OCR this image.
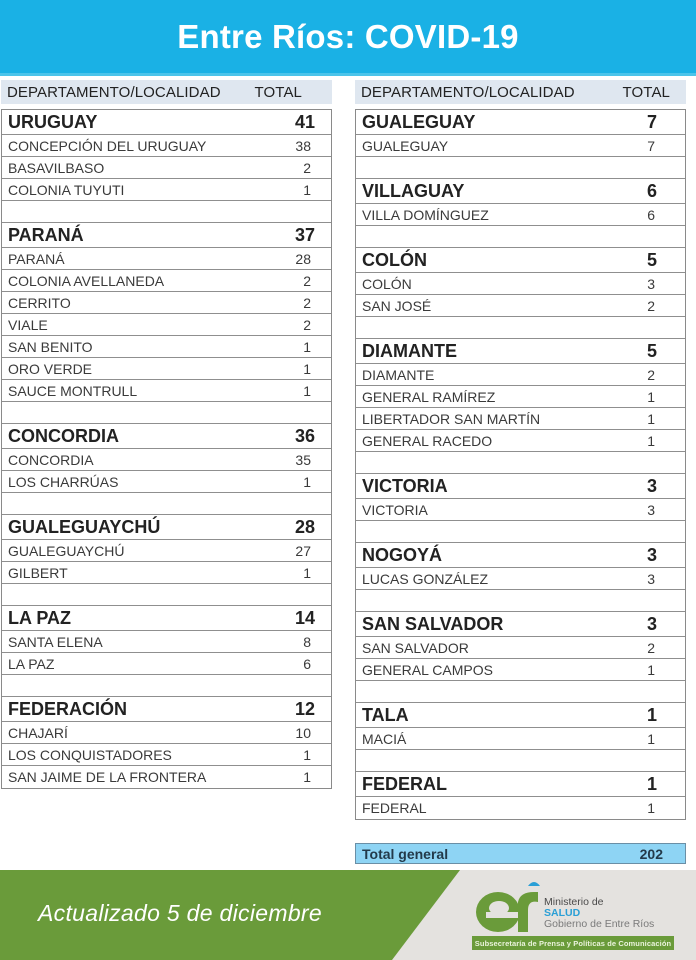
Entre Ríos: COVID-19
DEPARTAMENTO/LOCALIDAD TOTAL
URUGUAY	41
CONCEPCIÓN DEL URUGUAY	38
BASAVILBASO	2
COLONIA TUYUTI	1
PARANÁ	37
PARANÁ	28
COLONIA AVELLANEDA	2
CERRITO	2
VIALE	2
SAN BENITO	1
ORO VERDE	1
SAUCE MONTRULL	1
CONCORDIA	36
CONCORDIA	35
LOS CHARRÚAS	1
GUALEGUAYCHÚ	28
GUALEGUAYCHÚ	27
GILBERT	1
LA PAZ	14
SANTA ELENA	8
LA PAZ	6
FEDERACIÓN	12
CHAJARÍ	10
LOS CONQUISTADORES	1
SAN JAIME DE LA FRONTERA	1
DEPARTAMENTO/LOCALIDAD	TOTAL
GUALEGUAY	7
GUALEGUAY	7
VILLAGUAY	6
VILLA DOMÍNGUEZ	6
COLÓN	5
COLÓN	3
SAN JOSÉ	2
DIAMANTE	5
DIAMANTE	2
GENERAL RAMÍREZ	1
LIBERTADOR SAN MARTÍN	1
GENERAL RACEDO	1
VICTORIA	3
VICTORIA	3
NOGOYÁ	3
LUCAS GONZÁLEZ	3
SAN SALVADOR	3
SAN SALVADOR	2
GENERAL CAMPOS	1
TALA	1
MACIÁ	1
FEDERAL	1
FEDERAL	1
Total general	202
Actualizado 5 de diciembre	Ministerio de
SALUD
Gobierno de Entre Ríos
Subsecretaría de Prensa y Políticas de Comunicación
